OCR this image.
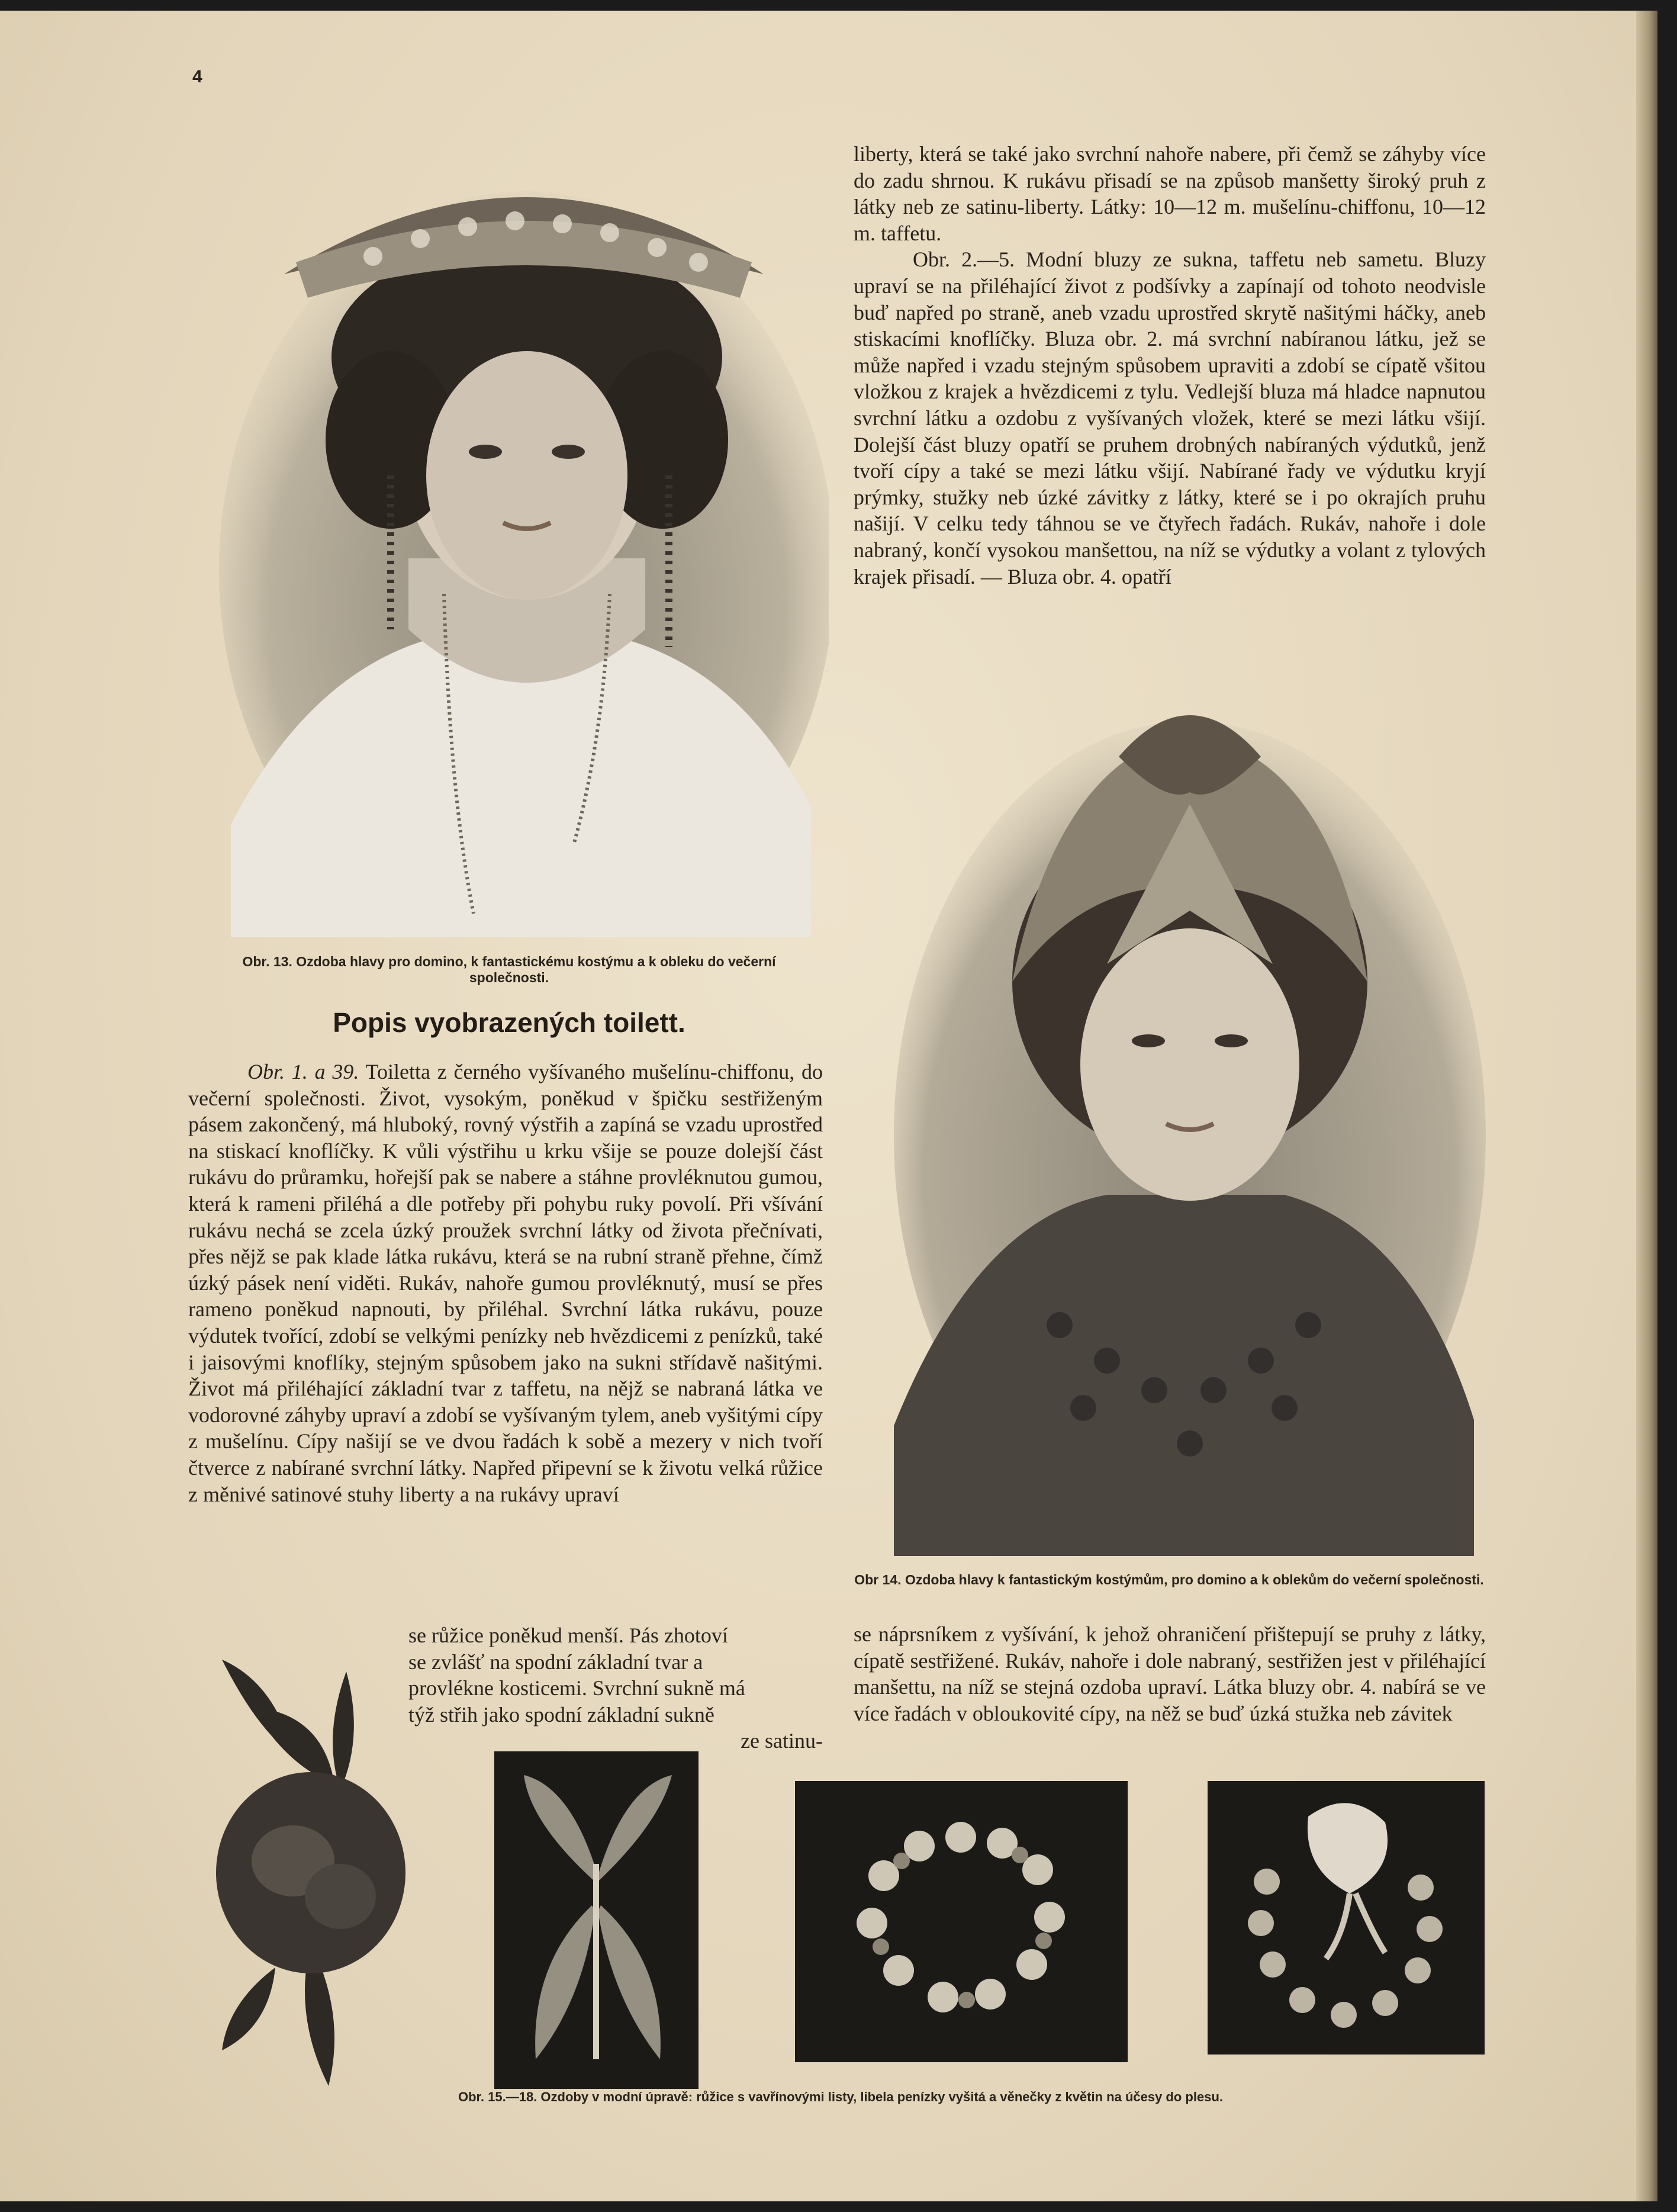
4
Obr. 13. Ozdoba hlavy pro domino, k fantastickému kostýmu a k obleku do večerní společnosti.
Popis vyobrazených toilett.

Obr. 1. a 39. Toiletta z černého vyšívaného mušelínu-chiffonu, do večerní společnosti. Život, vysokým, poněkud v špičku sestřiženým pásem zakončený, má hluboký, rovný výstřih a zapíná se vzadu uprostřed na stiskací knoflíčky. K vůli výstřihu u krku všije se pouze dolejší část rukávu do průramku, hořejší pak se nabere a stáhne provléknutou gumou, která k rameni přiléhá a dle potřeby při pohybu ruky povolí. Při všívání rukávu nechá se zcela úzký proužek svrchní látky od života přečnívati, přes nějž se pak klade látka rukávu, která se na rubní straně přehne, čímž úzký pásek není viděti. Rukáv, nahoře gumou provléknutý, musí se přes rameno poněkud napnouti, by přiléhal. Svrchní látka rukávu, pouze výdutek tvořící, zdobí se velkými penízky neb hvězdicemi z penízků, také i jaisovými knoflíky, stejným spůsobem jako na sukni střídavě našitými. Život má přiléhající základní tvar z taffetu, na nějž se nabraná látka ve vodorovné záhyby upraví a zdobí se vyšívaným tylem, aneb vyšitými cípy z mušelínu. Cípy našijí se ve dvou řadách k sobě a mezery v nich tvoří čtverce z nabírané svrchní látky. Napřed připevní se k životu velká růžice z měnivé satinové stuhy liberty a na rukávy upraví

se růžice poněkud menší. Pás zhotoví

se zvlášť na spodní základní tvar a

provlékne kosticemi. Svrchní sukně má

týž střih jako spodní základní sukně

ze satinu-

liberty, která se také jako svrchní nahoře nabere, při čemž se záhyby více do zadu shrnou. K rukávu přisadí se na způsob manšetty široký pruh z látky neb ze satinu-liberty. Látky: 10—12 m. mušelínu-chiffonu, 10—12 m. taffetu.

Obr. 2.—5. Modní bluzy ze sukna, taffetu neb sametu. Bluzy upraví se na přiléhající život z podšívky a zapínají od tohoto neodvisle buď napřed po straně, aneb vzadu uprostřed skrytě našitými háčky, aneb stiskacími knoflíčky. Bluza obr. 2. má svrchní nabíranou látku, jež se může napřed i vzadu stejným spůsobem upraviti a zdobí se cípatě všitou vložkou z krajek a hvězdicemi z tylu. Vedlejší bluza má hladce napnutou svrchní látku a ozdobu z vyšívaných vložek, které se mezi látku všijí. Dolejší část bluzy opatří se pruhem drobných nabíraných výdutků, jenž tvoří cípy a také se mezi látku všijí. Nabírané řady ve výdutku kryjí prýmky, stužky neb úzké závitky z látky, které se i po okrajích pruhu našijí. V celku tedy táhnou se ve čtyřech řadách. Rukáv, nahoře i dole nabraný, končí vysokou manšettou, na níž se výdutky a volant z tylových krajek přisadí. — Bluza obr. 4. opatří

Obr 14. Ozdoba hlavy k fantastickým kostýmům, pro domino a k oblekům do večerní společnosti.

se náprsníkem z vyšívání, k jehož ohraničení přištepují se pruhy z látky, cípatě sestřižené. Rukáv, nahoře i dole nabraný, sestřižen jest v přiléhající manšettu, na níž se stejná ozdoba upraví. Látka bluzy obr. 4. nabírá se ve více řadách v obloukovité cípy, na něž se buď úzká stužka neb závitek

Obr. 15.—18. Ozdoby v modní úpravě: růžice s vavřínovými listy, libela penízky vyšitá a věnečky z květin na účesy do plesu.
